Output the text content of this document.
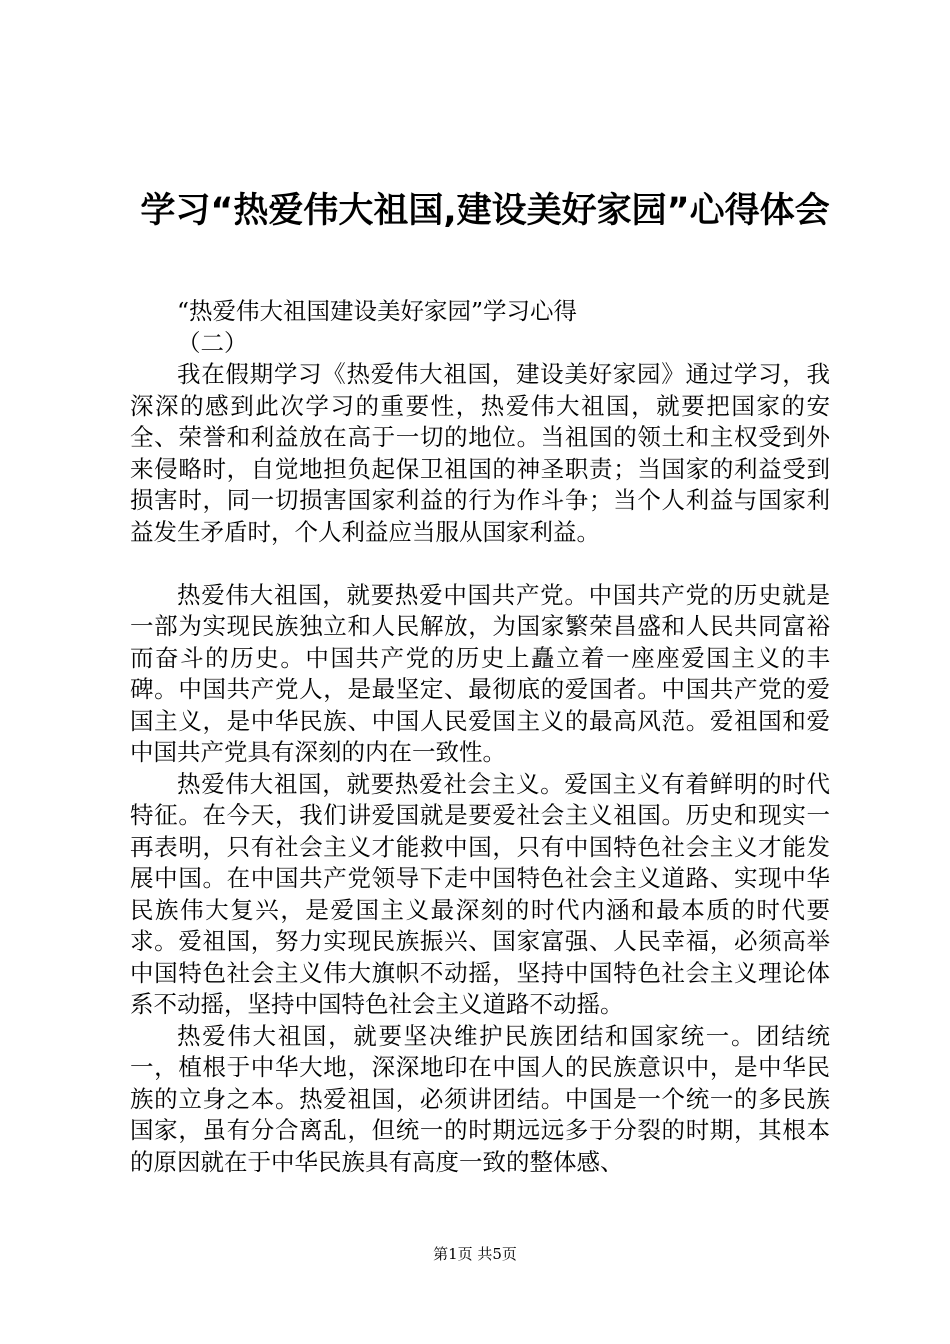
学习“热爱伟大祖国,建设美好家园”心得体会

“热爱伟大祖国建设美好家园”学习心得

（二）

我在假期学习《热爱伟大祖国，建设美好家园》通过学习，我深深的感到此次学习的重要性，热爱伟大祖国，就要把国家的安全、荣誉和利益放在高于一切的地位。当祖国的领土和主权受到外来侵略时，自觉地担负起保卫祖国的神圣职责；当国家的利益受到损害时，同一切损害国家利益的行为作斗争；当个人利益与国家利益发生矛盾时，个人利益应当服从国家利益。

热爱伟大祖国，就要热爱中国共产党。中国共产党的历史就是一部为实现民族独立和人民解放，为国家繁荣昌盛和人民共同富裕而奋斗的历史。中国共产党的历史上矗立着一座座爱国主义的丰碑。中国共产党人，是最坚定、最彻底的爱国者。中国共产党的爱国主义，是中华民族、中国人民爱国主义的最高风范。爱祖国和爱中国共产党具有深刻的内在一致性。

热爱伟大祖国，就要热爱社会主义。爱国主义有着鲜明的时代特征。在今天，我们讲爱国就是要爱社会主义祖国。历史和现实一再表明，只有社会主义才能救中国，只有中国特色社会主义才能发展中国。在中国共产党领导下走中国特色社会主义道路、实现中华民族伟大复兴，是爱国主义最深刻的时代内涵和最本质的时代要求。爱祖国，努力实现民族振兴、国家富强、人民幸福，必须高举中国特色社会主义伟大旗帜不动摇，坚持中国特色社会主义理论体系不动摇，坚持中国特色社会主义道路不动摇。

热爱伟大祖国，就要坚决维护民族团结和国家统一。团结统一，植根于中华大地，深深地印在中国人的民族意识中，是中华民族的立身之本。热爱祖国，必须讲团结。中国是一个统一的多民族国家，虽有分合离乱，但统一的时期远远多于分裂的时期，其根本的原因就在于中华民族具有高度一致的整体感、

第1页 共5页
